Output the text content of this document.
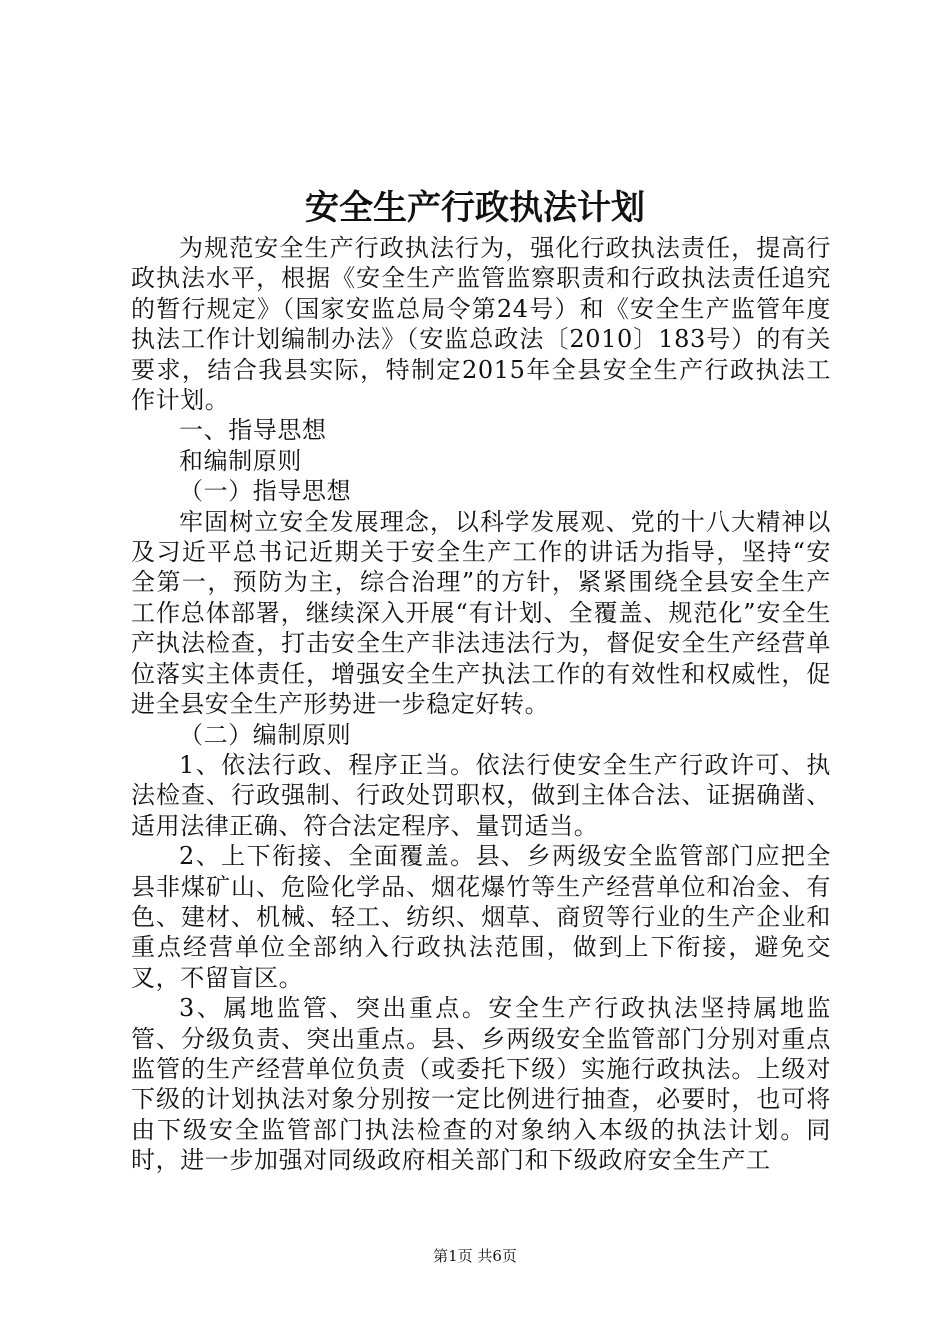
安全生产行政执法计划

为规范安全生产行政执法行为，强化行政执法责任，提高行政执法水平，根据《安全生产监管监察职责和行政执法责任追究的暂行规定》（国家安监总局令第24号）和《安全生产监管年度执法工作计划编制办法》（安监总政法〔2010〕183号）的有关要求，结合我县实际，特制定2015年全县安全生产行政执法工作计划。

一、指导思想

和编制原则

（一）指导思想

牢固树立安全发展理念，以科学发展观、党的十八大精神以及习近平总书记近期关于安全生产工作的讲话为指导，坚持“安全第一，预防为主，综合治理”的方针，紧紧围绕全县安全生产工作总体部署，继续深入开展“有计划、全覆盖、规范化”安全生产执法检查，打击安全生产非法违法行为，督促安全生产经营单位落实主体责任，增强安全生产执法工作的有效性和权威性，促进全县安全生产形势进一步稳定好转。

（二）编制原则

1、依法行政、程序正当。依法行使安全生产行政许可、执法检查、行政强制、行政处罚职权，做到主体合法、证据确凿、适用法律正确、符合法定程序、量罚适当。

2、上下衔接、全面覆盖。县、乡两级安全监管部门应把全县非煤矿山、危险化学品、烟花爆竹等生产经营单位和冶金、有色、建材、机械、轻工、纺织、烟草、商贸等行业的生产企业和重点经营单位全部纳入行政执法范围，做到上下衔接，避免交叉，不留盲区。

3、属地监管、突出重点。安全生产行政执法坚持属地监管、分级负责、突出重点。县、乡两级安全监管部门分别对重点监管的生产经营单位负责（或委托下级）实施行政执法。上级对下级的计划执法对象分别按一定比例进行抽查，必要时，也可将由下级安全监管部门执法检查的对象纳入本级的执法计划。同时，进一步加强对同级政府相关部门和下级政府安全生产工

第1页 共6页
